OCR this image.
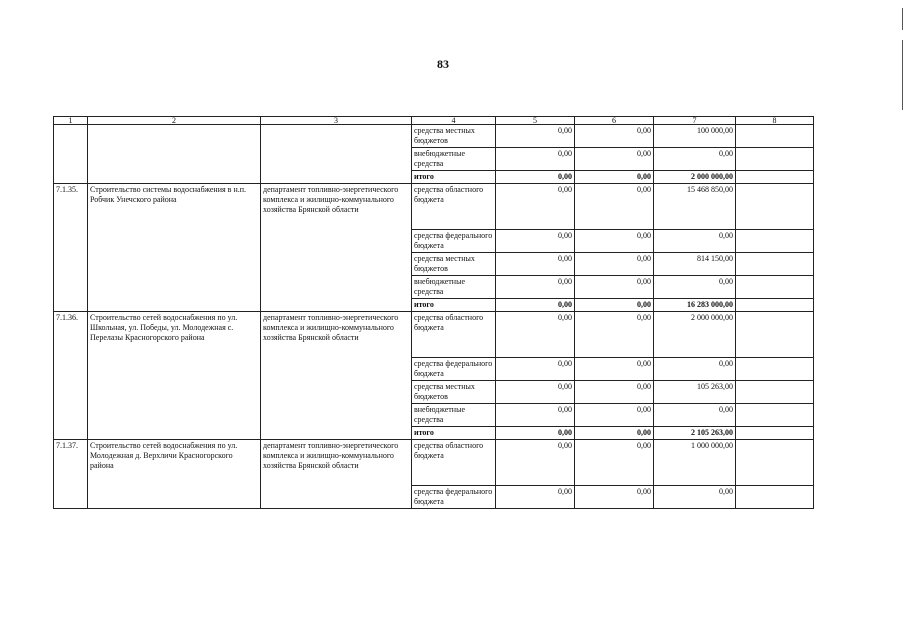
83
1	2	3	4	5	6	7	8
			средства местных бюджетов	0,00	0,00	100 000,00	
			внебюджетные средства	0,00	0,00	0,00	
			итого	0,00	0,00	2 000 000,00	
7.1.35.	Строительство системы водоснабжения в н.п. Робчик Унечского района	департамент топливно-энергетического комплекса и жилищно-коммунального хозяйства Брянской области	средства областного бюджета	0,00	0,00	15 468 850,00	
			средства федерального бюджета	0,00	0,00	0,00	
			средства местных бюджетов	0,00	0,00	814 150,00	
			внебюджетные средства	0,00	0,00	0,00	
			итого	0,00	0,00	16 283 000,00	
7.1.36.	Строительство сетей водоснабжения по ул. Школьная, ул. Победы, ул. Молодежная с. Перелазы Красногорского района	департамент топливно-энергетического комплекса и жилищно-коммунального хозяйства Брянской области	средства областного бюджета	0,00	0,00	2 000 000,00	
			средства федерального бюджета	0,00	0,00	0,00	
			средства местных бюджетов	0,00	0,00	105 263,00	
			внебюджетные средства	0,00	0,00	0,00	
			итого	0,00	0,00	2 105 263,00	
7.1.37.	Строительство сетей водоснабжения по ул. Молодежная д. Верхличи Красногорского района	департамент топливно-энергетического комплекса и жилищно-коммунального хозяйства Брянской области	средства областного бюджета	0,00	0,00	1 000 000,00	
			средства федерального бюджета	0,00	0,00	0,00	
